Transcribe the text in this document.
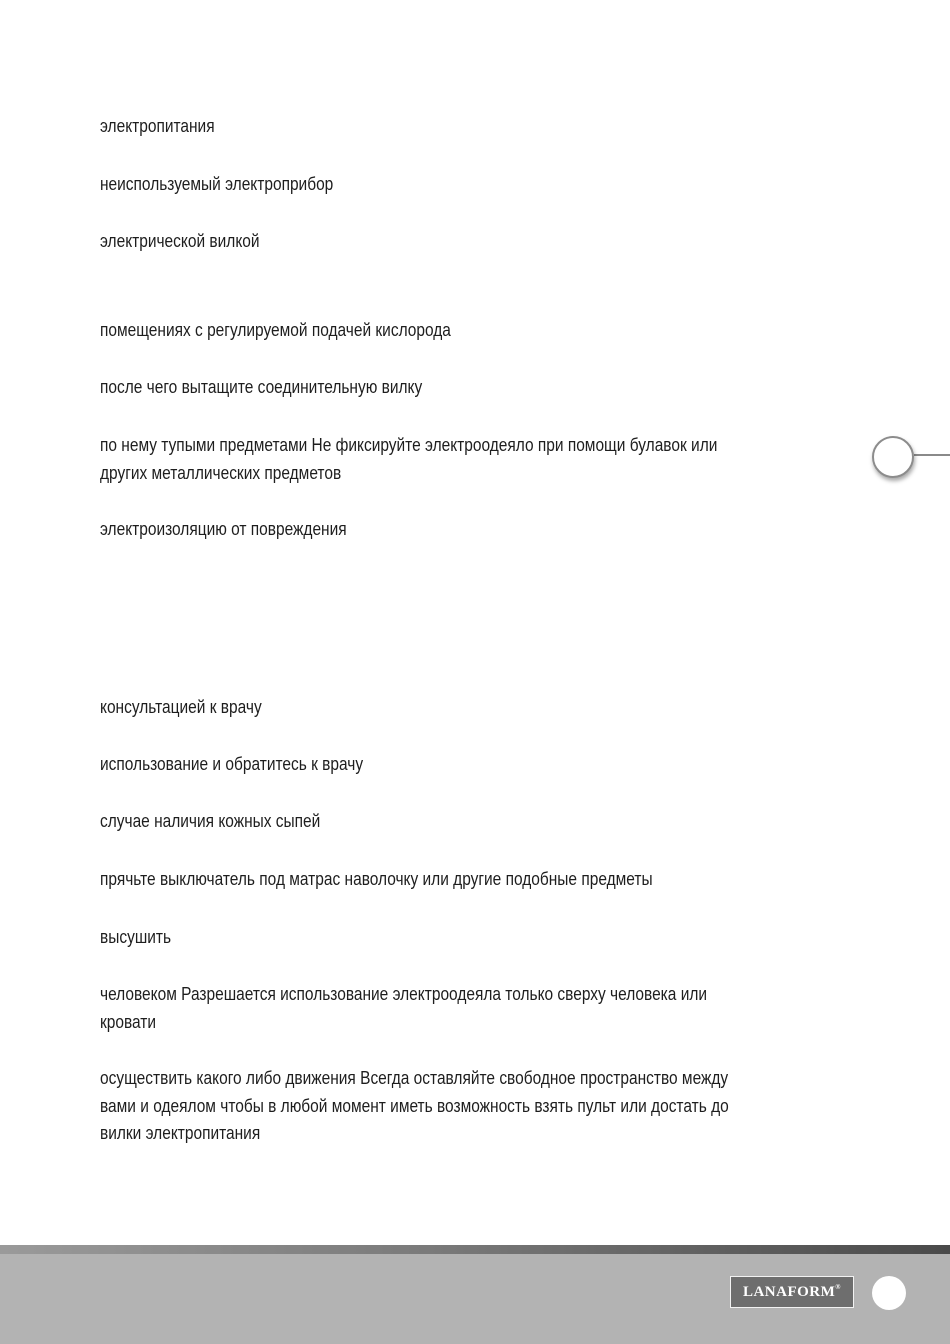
электропитания
неиспользуемый электроприбор
электрической вилкой
помещениях с регулируемой подачей кислорода
после чего вытащите соединительную вилку
по нему тупыми предметами Не фиксируйте электроодеяло при помощи булавок или
других металлических предметов
электроизоляцию от повреждения
консультацией к врачу
использование и обратитесь к врачу
случае наличия кожных сыпей
прячьте выключатель под матрас наволочку или другие подобные предметы
высушить
человеком Разрешается использование электроодеяла только сверху человека или
кровати
осуществить какого либо движения Всегда оставляйте свободное пространство между
вами и одеялом чтобы в любой момент иметь возможность взять пульт или достать до
вилки электропитания
LANAFORM®
